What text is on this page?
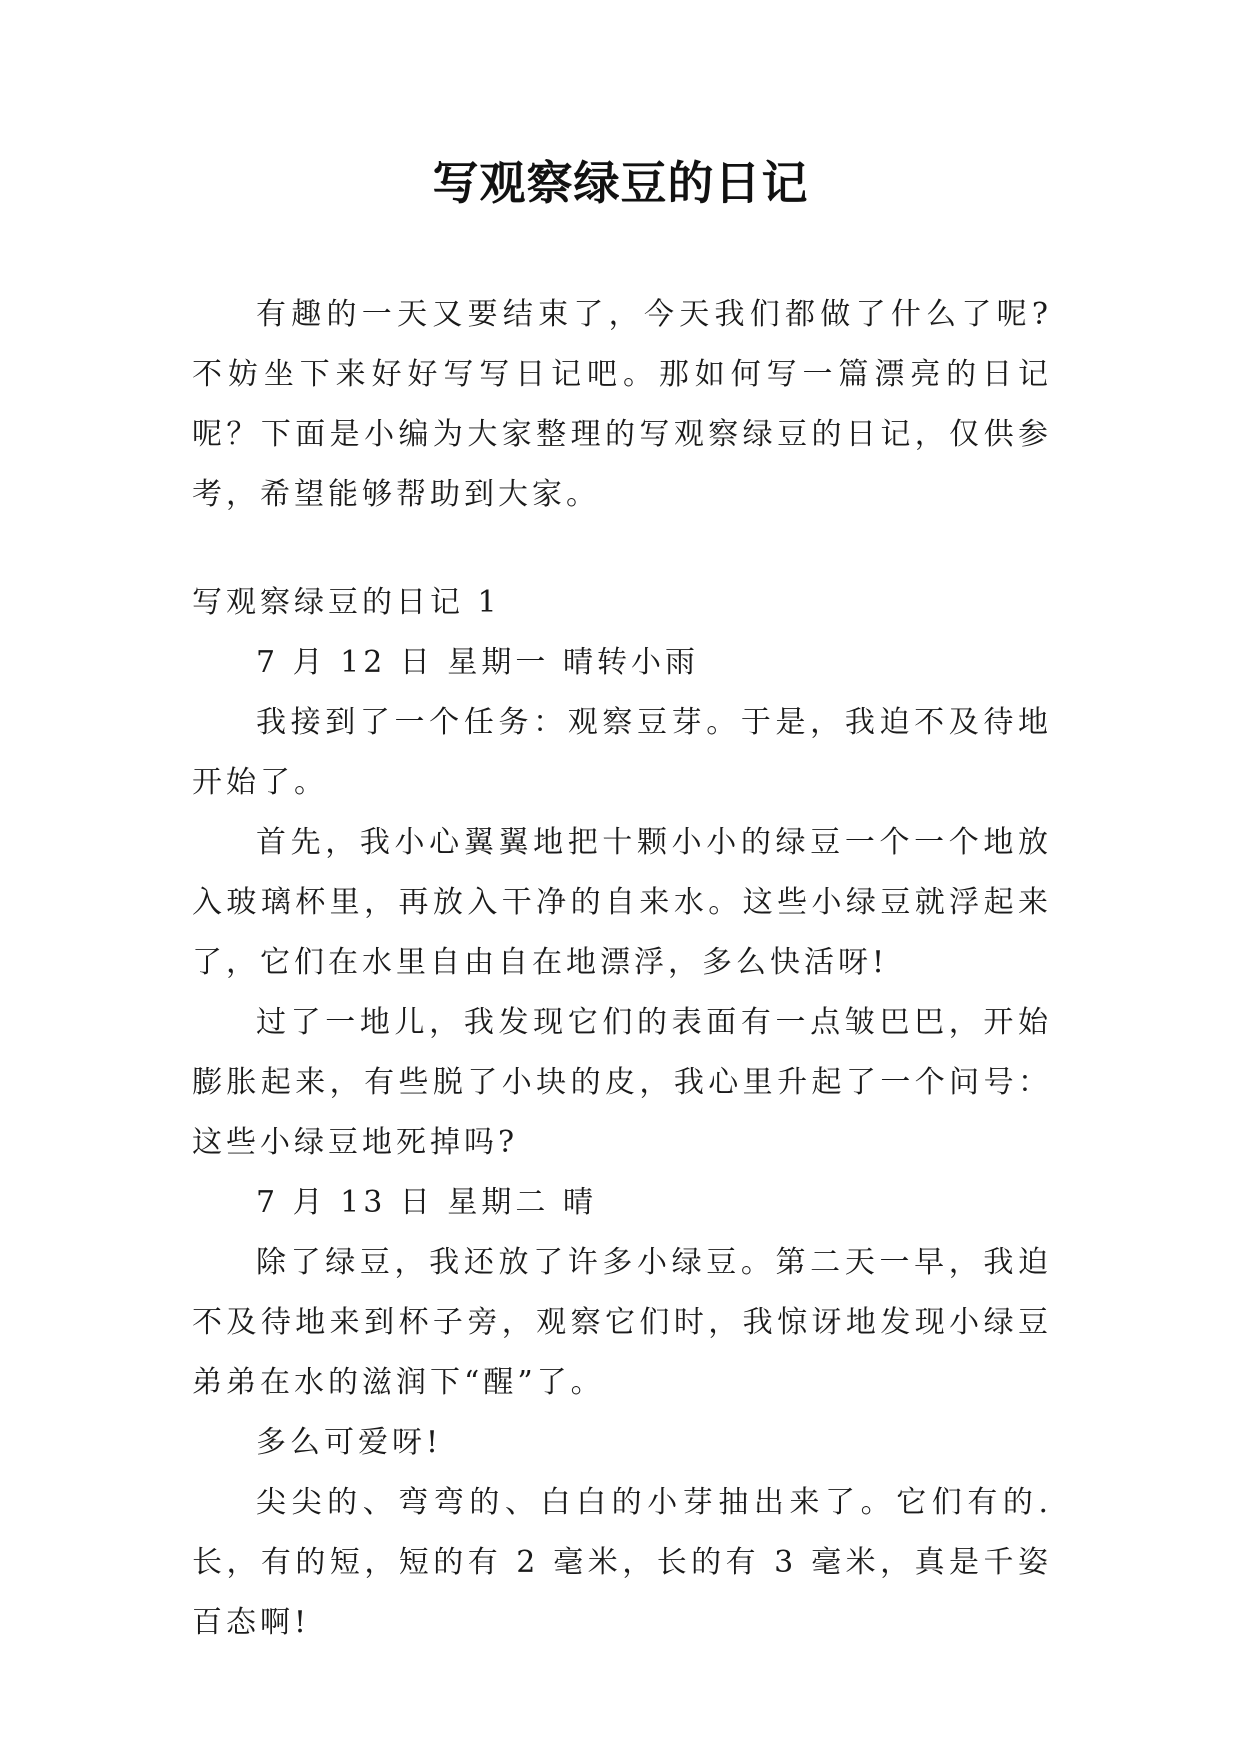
写观察绿豆的日记

有趣的一天又要结束了，今天我们都做了什么了呢?不妨坐下来好好写写日记吧。那如何写一篇漂亮的日记呢？下面是小编为大家整理的写观察绿豆的日记，仅供参考，希望能够帮助到大家。

写观察绿豆的日记 1

7 月 12 日 星期一 晴转小雨

我接到了一个任务：观察豆芽。于是，我迫不及待地开始了。

首先，我小心翼翼地把十颗小小的绿豆一个一个地放入玻璃杯里，再放入干净的自来水。这些小绿豆就浮起来了，它们在水里自由自在地漂浮，多么快活呀!

过了一地儿，我发现它们的表面有一点皱巴巴，开始膨胀起来，有些脱了小块的皮，我心里升起了一个问号：这些小绿豆地死掉吗?

7 月 13 日 星期二 晴

除了绿豆，我还放了许多小绿豆。第二天一早，我迫不及待地来到杯子旁，观察它们时，我惊讶地发现小绿豆弟弟在水的滋润下“醒”了。

多么可爱呀!

尖尖的、弯弯的、白白的小芽抽出来了。它们有的.长，有的短，短的有 2 毫米，长的有 3 毫米，真是千姿百态啊!
